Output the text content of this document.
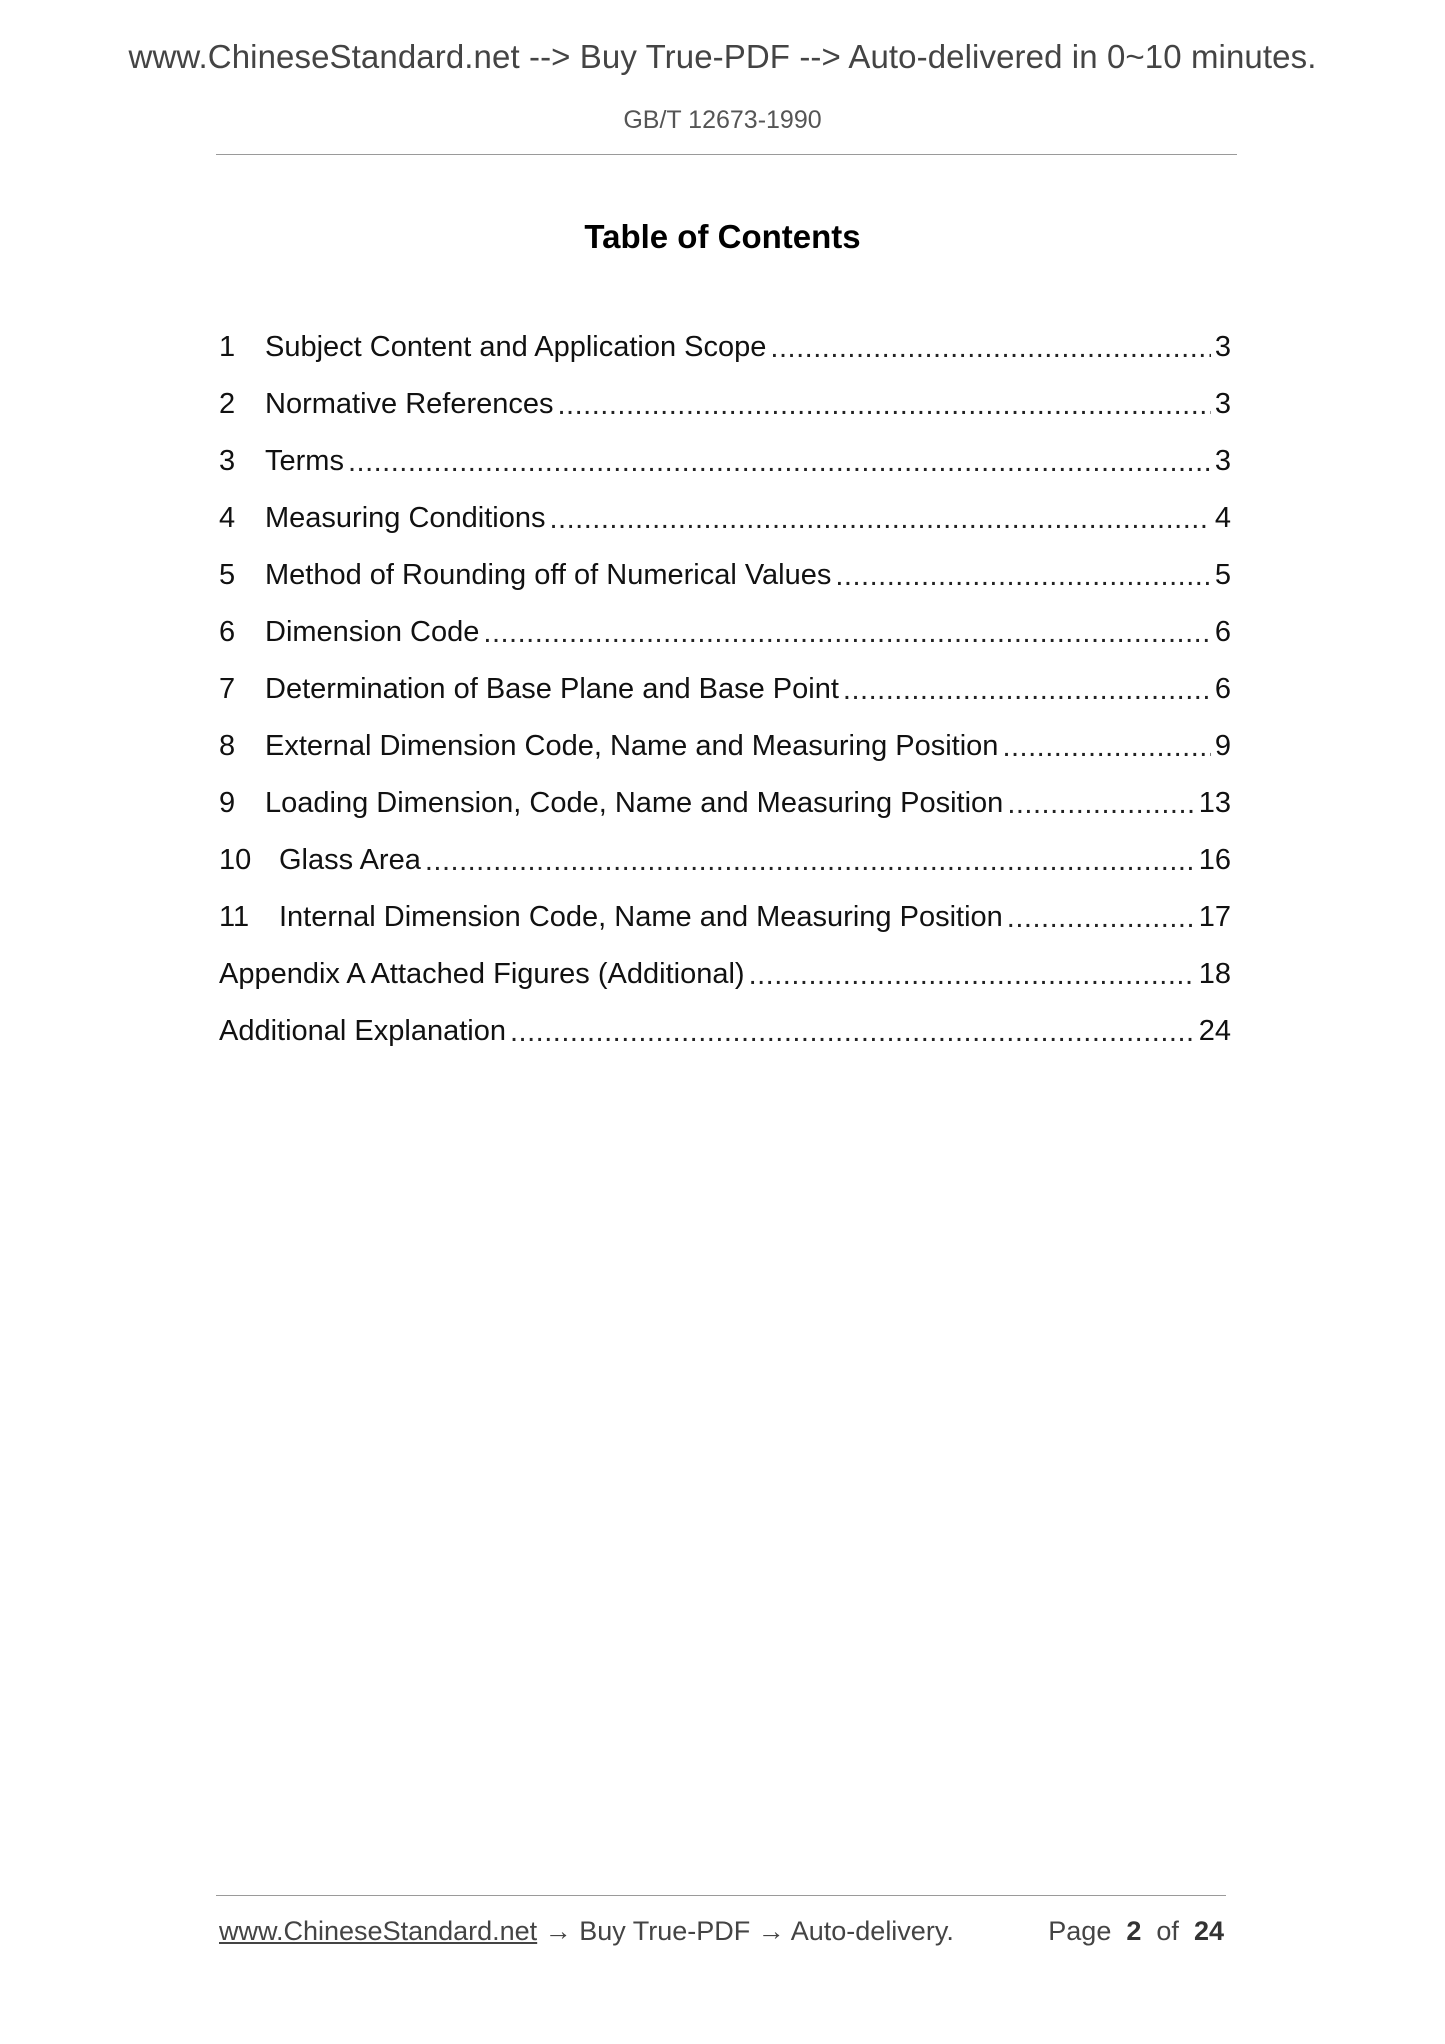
www.ChineseStandard.net --> Buy True-PDF --> Auto-delivered in 0~10 minutes.
GB/T 12673-1990
Table of Contents
1	Subject Content and Application Scope .....	3
2	Normative References .....	3
3	Terms .....	3
4	Measuring Conditions .....	4
5	Method of Rounding off of Numerical Values .....	5
6	Dimension Code .....	6
7	Determination of Base Plane and Base Point .....	6
8	External Dimension Code, Name and Measuring Position .....	9
9	Loading Dimension, Code, Name and Measuring Position .....	13
10 Glass Area .....	16
11	Internal Dimension Code, Name and Measuring Position .....	17
Appendix A Attached Figures (Additional) .....	18
Additional Explanation .....	24
www.ChineseStandard.net → Buy True-PDF → Auto-delivery.	Page 2 of 24
